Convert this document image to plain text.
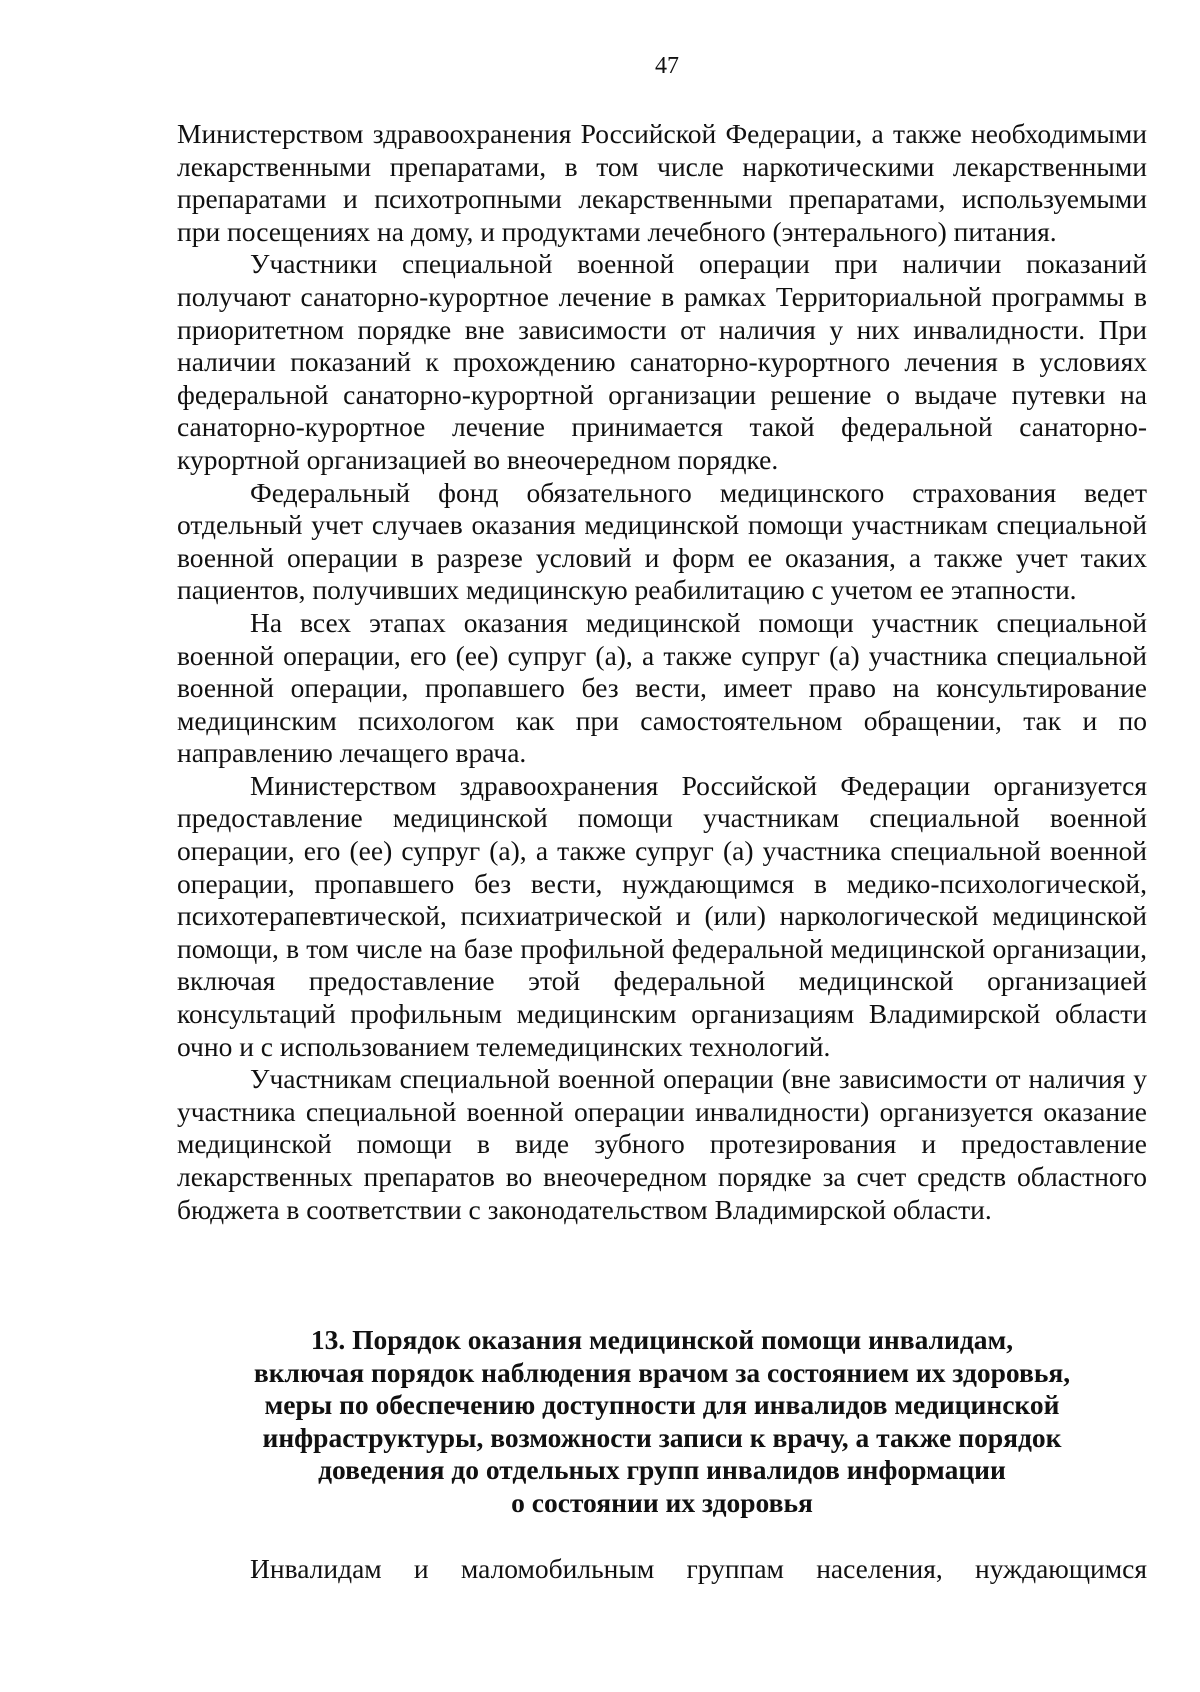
47

Министерством здравоохранения Российской Федерации, а также необходимыми лекарственными препаратами, в том числе наркотическими лекарственными препаратами и психотропными лекарственными препаратами, используемыми при посещениях на дому, и продуктами лечебного (энтерального) питания.

Участники специальной военной операции при наличии показаний получают санаторно-курортное лечение в рамках Территориальной программы в приоритетном порядке вне зависимости от наличия у них инвалидности. При наличии показаний к прохождению санаторно-курортного лечения в условиях федеральной санаторно-курортной организации решение о выдаче путевки на санаторно-курортное лечение принимается такой федеральной санаторно-курортной организацией во внеочередном порядке.

Федеральный фонд обязательного медицинского страхования ведет отдельный учет случаев оказания медицинской помощи участникам специальной военной операции в разрезе условий и форм ее оказания, а также учет таких пациентов, получивших медицинскую реабилитацию с учетом ее этапности.

На всех этапах оказания медицинской помощи участник специальной военной операции, его (ее) супруг (а), а также супруг (а) участника специальной военной операции, пропавшего без вести, имеет право на консультирование медицинским психологом как при самостоятельном обращении, так и по направлению лечащего врача.

Министерством здравоохранения Российской Федерации организуется предоставление медицинской помощи участникам специальной военной операции, его (ее) супруг (а), а также супруг (а) участника специальной военной операции, пропавшего без вести, нуждающимся в медико-психологической, психотерапевтической, психиатрической и (или) наркологической медицинской помощи, в том числе на базе профильной федеральной медицинской организации, включая предоставление этой федеральной медицинской организацией консультаций профильным медицинским организациям Владимирской области очно и с использованием телемедицинских технологий.

Участникам специальной военной операции (вне зависимости от наличия у участника специальной военной операции инвалидности) организуется оказание медицинской помощи в виде зубного протезирования и предоставление лекарственных препаратов во внеочередном порядке за счет средств областного бюджета в соответствии с законодательством Владимирской области.

13. Порядок оказания медицинской помощи инвалидам,
включая порядок наблюдения врачом за состоянием их здоровья,
меры по обеспечению доступности для инвалидов медицинской
инфраструктуры, возможности записи к врачу, а также порядок
доведения до отдельных групп инвалидов информации
о состоянии их здоровья

Инвалидам и маломобильным группам населения, нуждающимся
